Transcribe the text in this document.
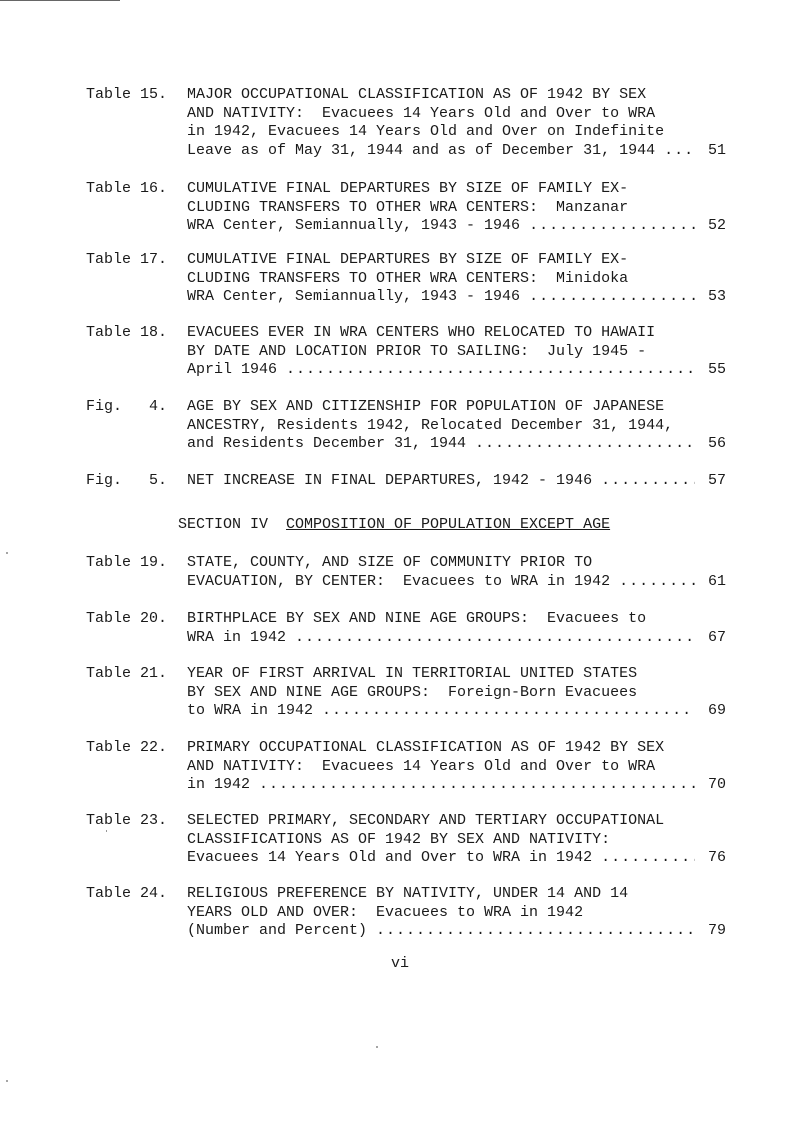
Table 15.	MAJOR OCCUPATIONAL CLASSIFICATION AS OF 1942 BY SEX
AND NATIVITY:  Evacuees 14 Years Old and Over to WRA
in 1942, Evacuees 14 Years Old and Over on Indefinite
Leave as of May 31, 1944 and as of December 31, 1944 .....	51
Table 16.	CUMULATIVE FINAL DEPARTURES BY SIZE OF FAMILY EX-
CLUDING TRANSFERS TO OTHER WRA CENTERS:  Manzanar
WRA Center, Semiannually, 1943 - 1946 .....	52
Table 17.	CUMULATIVE FINAL DEPARTURES BY SIZE OF FAMILY EX-
CLUDING TRANSFERS TO OTHER WRA CENTERS:  Minidoka
WRA Center, Semiannually, 1943 - 1946 .....	53
Table 18.	EVACUEES EVER IN WRA CENTERS WHO RELOCATED TO HAWAII
BY DATE AND LOCATION PRIOR TO SAILING:  July 1945 -
April 1946 .....	55
Fig.   4.	AGE BY SEX AND CITIZENSHIP FOR POPULATION OF JAPANESE
ANCESTRY, Residents 1942, Relocated December 31, 1944,
and Residents December 31, 1944 .....	56
Fig.   5.	NET INCREASE IN FINAL DEPARTURES, 1942 - 1946 .....	57
Table 19.	STATE, COUNTY, AND SIZE OF COMMUNITY PRIOR TO
EVACUATION, BY CENTER:  Evacuees to WRA in 1942 .....	61
Table 20.	BIRTHPLACE BY SEX AND NINE AGE GROUPS:  Evacuees to
WRA in 1942 .....	67
Table 21.	YEAR OF FIRST ARRIVAL IN TERRITORIAL UNITED STATES
BY SEX AND NINE AGE GROUPS:  Foreign-Born Evacuees
to WRA in 1942 .....	69
Table 22.	PRIMARY OCCUPATIONAL CLASSIFICATION AS OF 1942 BY SEX
AND NATIVITY:  Evacuees 14 Years Old and Over to WRA
in 1942 .....	70
Table 23.	SELECTED PRIMARY, SECONDARY AND TERTIARY OCCUPATIONAL
CLASSIFICATIONS AS OF 1942 BY SEX AND NATIVITY:
Evacuees 14 Years Old and Over to WRA in 1942 .....	76
Table 24.	RELIGIOUS PREFERENCE BY NATIVITY, UNDER 14 AND 14
YEARS OLD AND OVER:  Evacuees to WRA in 1942
(Number and Percent) .....	79
SECTION IV COMPOSITION OF POPULATION EXCEPT AGE
vi
